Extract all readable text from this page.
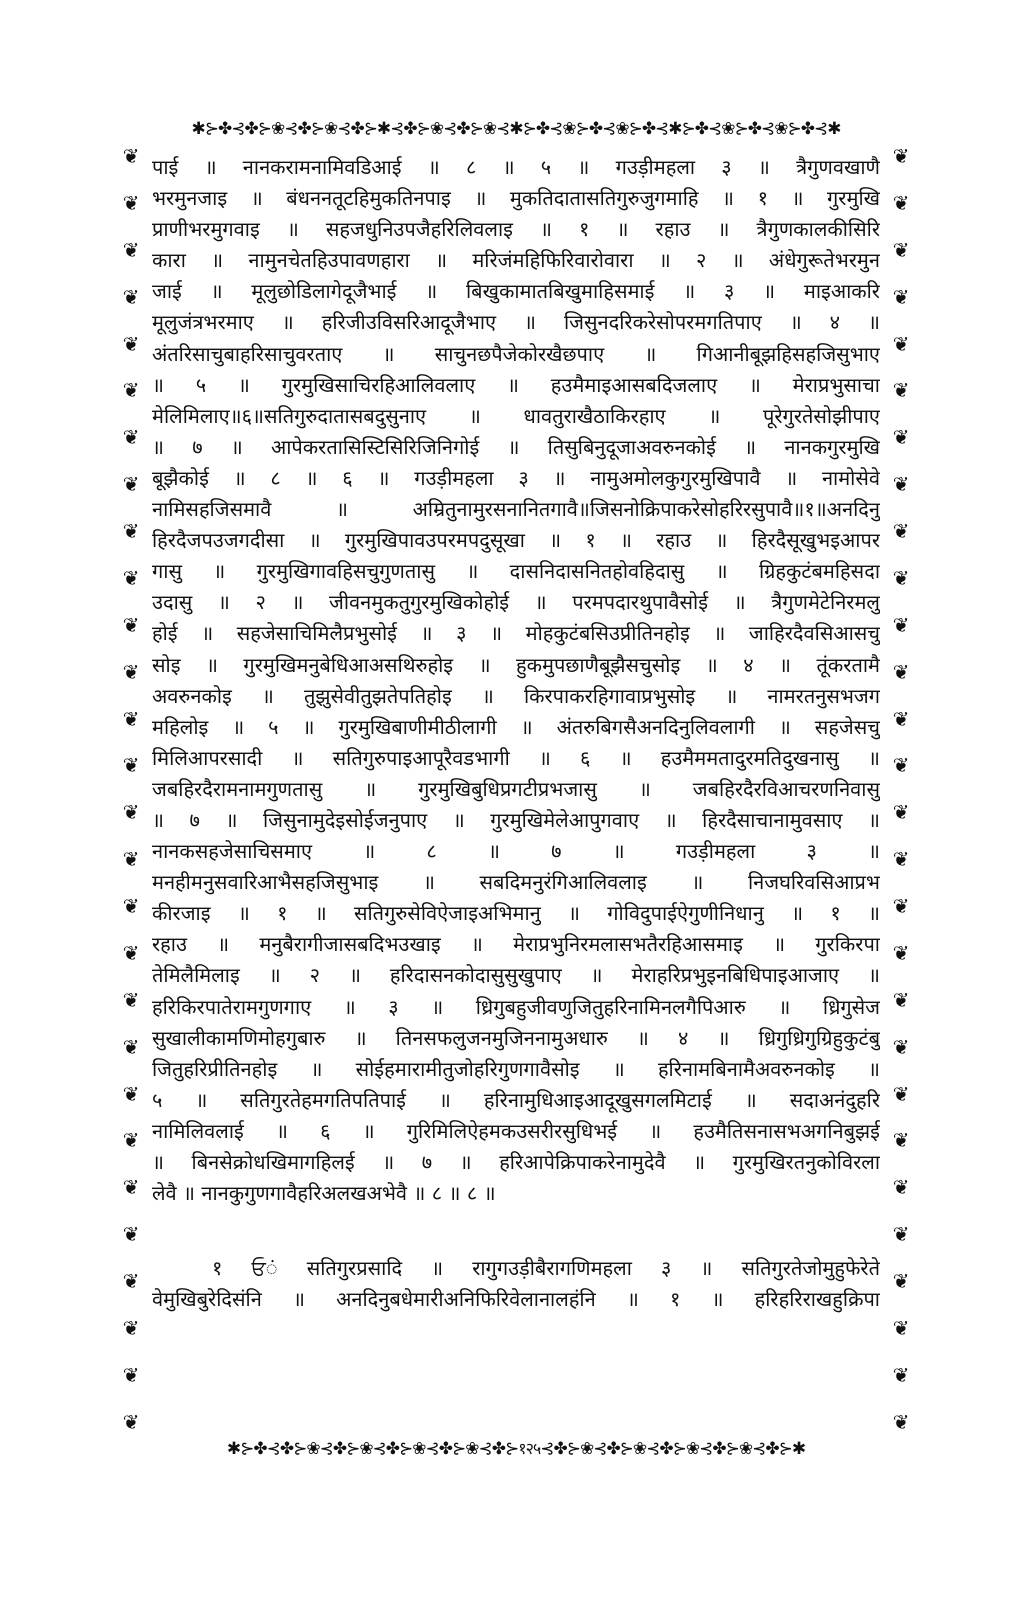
✱⊱✤⊰✤⊱❀⊰✤⊱❀⊰✤⊱✱⊰✤⊱❀⊰✤⊱❀⊰✱⊱✤⊰❀⊱✤⊰❀⊱✤⊰✱⊱✤⊰❀⊱✤⊰❀⊱✤⊰✱
❦
❦
❦
❦
❦
❦
❦
❦
❦
❦
❦
❦
❦
❦
❦
❦
❦
❦
❦
❦
❦
❦
❦
❦
❦
❦
❦
❦
❦
❦
❦
❦
❦
❦
❦
❦
❦
❦
❦
❦
❦
❦
❦
❦
❦
❦
❦
❦
❦
❦
❦
❦
❦
❦
❦
❦
पाई ॥ नानकरामनामिवडिआई ॥ ८ ॥ ५ ॥ गउड़ीमहला ३ ॥ त्रैगुणवखाणै
भरमुनजाइ ॥ बंधननतूटहिमुकतिनपाइ ॥ मुकतिदातासतिगुरुजुगमाहि ॥ १ ॥ गुरमुखि
प्राणीभरमुगवाइ ॥ सहजधुनिउपजैहरिलिवलाइ ॥ १ ॥ रहाउ ॥ त्रैगुणकालकीसिरि
कारा ॥ नामुनचेतहिउपावणहारा ॥ मरिजंमहिफिरिवारोवारा ॥ २ ॥ अंधेगुरूतेभरमुन
जाई ॥ मूलुछोडिलागेदूजैभाई ॥ बिखुकामातबिखुमाहिसमाई ॥ ३ ॥ माइआकरि
मूलुजंत्रभरमाए ॥ हरिजीउविसरिआदूजैभाए ॥ जिसुनदरिकरेसोपरमगतिपाए ॥ ४ ॥
अंतरिसाचुबाहरिसाचुवरताए ॥ साचुनछपैजेकोरखैछपाए ॥ गिआनीबूझहिसहजिसुभाए
॥ ५ ॥ गुरमुखिसाचिरहिआलिवलाए ॥ हउमैमाइआसबदिजलाए ॥ मेराप्रभुसाचा
मेलिमिलाए॥६॥सतिगुरुदातासबदुसुनाए ॥ धावतुराखैठाकिरहाए ॥ पूरेगुरतेसोझीपाए
॥ ७ ॥ आपेकरतासिस्टिसिरिजिनिगोई ॥ तिसुबिनुदूजाअवरुनकोई ॥ नानकगुरमुखि
बूझैकोई ॥ ८ ॥ ६ ॥ गउड़ीमहला ३ ॥ नामुअमोलकुगुरमुखिपावै ॥ नामोसेवे
नामिसहजिसमावै ॥ अम्रितुनामुरसनानितगावै॥जिसनोक्रिपाकरेसोहरिरसुपावै॥१॥अनदिनु
हिरदैजपउजगदीसा ॥ गुरमुखिपावउपरमपदुसूखा ॥ १ ॥ रहाउ ॥ हिरदैसूखुभइआपर
गासु ॥ गुरमुखिगावहिसचुगुणतासु ॥ दासनिदासनितहोवहिदासु ॥ ग्रिहकुटंबमहिसदा
उदासु ॥ २ ॥ जीवनमुकतुगुरमुखिकोहोई ॥ परमपदारथुपावैसोई ॥ त्रैगुणमेटेनिरमलु
होई ॥ सहजेसाचिमिलैप्रभुसोई ॥ ३ ॥ मोहकुटंबसिउप्रीतिनहोइ ॥ जाहिरदैवसिआसचु
सोइ ॥ गुरमुखिमनुबेधिआअसथिरुहोइ ॥ हुकमुपछाणैबूझैसचुसोइ ॥ ४ ॥ तूंकरतामै
अवरुनकोइ ॥ तुझुसेवीतुझतेपतिहोइ ॥ किरपाकरहिगावाप्रभुसोइ ॥ नामरतनुसभजग
महिलोइ ॥ ५ ॥ गुरमुखिबाणीमीठीलागी ॥ अंतरुबिगसैअनदिनुलिवलागी ॥ सहजेसचु
मिलिआपरसादी ॥ सतिगुरुपाइआपूरैवडभागी ॥ ६ ॥ हउमैममतादुरमतिदुखनासु ॥
जबहिरदैरामनामगुणतासु ॥ गुरमुखिबुधिप्रगटीप्रभजासु ॥ जबहिरदैरविआचरणनिवासु
॥ ७ ॥ जिसुनामुदेइसोईजनुपाए ॥ गुरमुखिमेलेआपुगवाए ॥ हिरदैसाचानामुवसाए ॥
नानकसहजेसाचिसमाए ॥ ८ ॥ ७ ॥ गउड़ीमहला ३ ॥
मनहीमनुसवारिआभैसहजिसुभाइ ॥ सबदिमनुरंगिआलिवलाइ ॥ निजघरिवसिआप्रभ
कीरजाइ ॥ १ ॥ सतिगुरुसेविऐजाइअभिमानु ॥ गोविदुपाईऐगुणीनिधानु ॥ १ ॥
रहाउ ॥ मनुबैरागीजासबदिभउखाइ ॥ मेराप्रभुनिरमलासभतैरहिआसमाइ ॥ गुरकिरपा
तेमिलैमिलाइ ॥ २ ॥ हरिदासनकोदासुसुखुपाए ॥ मेराहरिप्रभुइनबिधिपाइआजाए ॥
हरिकिरपातेरामगुणगाए ॥ ३ ॥ ध्रिगुबहुजीवणुजितुहरिनामिनलगैपिआरु ॥ ध्रिगुसेज
सुखालीकामणिमोहगुबारु ॥ तिनसफलुजनमुजिननामुअधारु ॥ ४ ॥ ध्रिगुध्रिगुग्रिहुकुटंबु
जितुहरिप्रीतिनहोइ ॥ सोईहमारामीतुजोहरिगुणगावैसोइ ॥ हरिनामबिनामैअवरुनकोइ ॥
५ ॥ सतिगुरतेहमगतिपतिपाई ॥ हरिनामुधिआइआदूखुसगलमिटाई ॥ सदाअनंदुहरि
नामिलिवलाई ॥ ६ ॥ गुरिमिलिऐहमकउसरीरसुधिभई ॥ हउमैतिसनासभअगनिबुझई
॥ बिनसेक्रोधखिमागहिलई ॥ ७ ॥ हरिआपेक्रिपाकरेनामुदेवै ॥ गुरमुखिरतनुकोविरला
लेवै ॥ नानकुगुणगावैहरिअलखअभेवै ॥ ८ ॥ ८ ॥
१ ਓं सतिगुरप्रसादि ॥ रागुगउड़ीबैरागणिमहला ३ ॥ सतिगुरतेजोमुहुफेरेते
वेमुखिबुरेदिसंनि ॥ अनदिनुबधेमारीअनिफिरिवेलानालहंनि ॥ १ ॥ हरिहरिराखहुक्रिपा
✱⊱✤⊰✤⊱❀⊰✤⊱❀⊰✤⊱❀⊰✤⊱❀⊰✤⊱१२५⊰✤⊱❀⊰✤⊱❀⊰✤⊱❀⊰✤⊱❀⊰✤⊱✱
